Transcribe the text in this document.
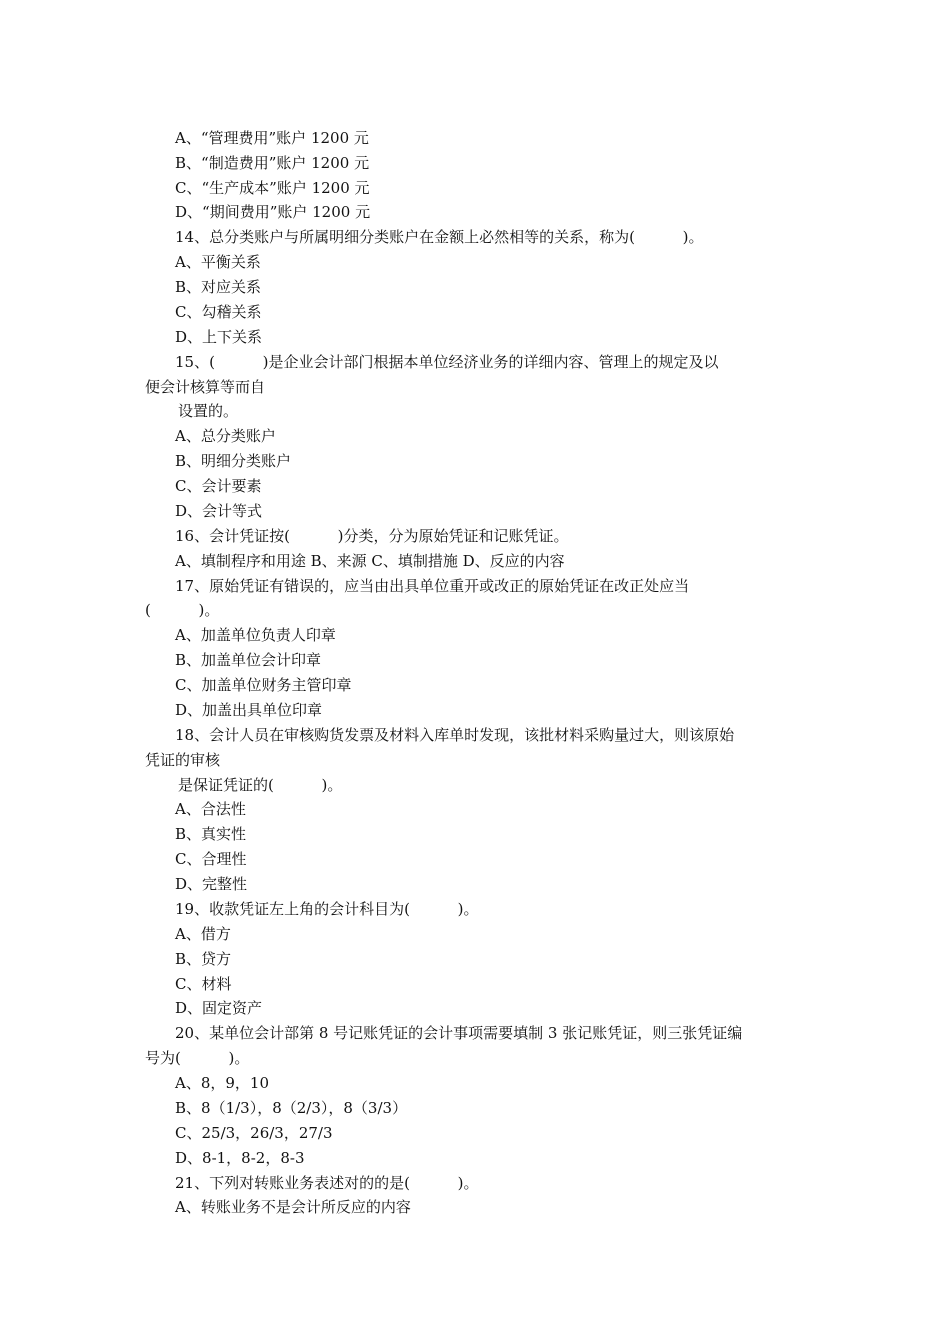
A、“管理费用”账户 1200 元
B、“制造费用”账户 1200 元
C、“生产成本”账户 1200 元
D、“期间费用”账户 1200 元
14、总分类账户与所属明细分类账户在金额上必然相等的关系，称为(          )。
A、平衡关系
B、对应关系
C、勾稽关系
D、上下关系
15、(          )是企业会计部门根据本单位经济业务的详细内容、管理上的规定及以
便会计核算等而自
设置的。
A、总分类账户
B、明细分类账户
C、会计要素
D、会计等式
16、会计凭证按(          )分类，分为原始凭证和记账凭证。
A、填制程序和用途 B、来源 C、填制措施 D、反应的内容
17、原始凭证有错误的，应当由出具单位重开或改正的原始凭证在改正处应当
(          )。
A、加盖单位负责人印章
B、加盖单位会计印章
C、加盖单位财务主管印章
D、加盖出具单位印章
18、会计人员在审核购货发票及材料入库单时发现，该批材料采购量过大，则该原始
凭证的审核
是保证凭证的(          )。
A、合法性
B、真实性
C、合理性
D、完整性
19、收款凭证左上角的会计科目为(          )。
A、借方
B、贷方
C、材料
D、固定资产
20、某单位会计部第 8 号记账凭证的会计事项需要填制 3 张记账凭证，则三张凭证编
号为(          )。
A、8，9，10
B、8（1/3），8（2/3），8（3/3）
C、25/3，26/3，27/3
D、8-1，8-2，8-3
21、下列对转账业务表述对的的是(          )。
A、转账业务不是会计所反应的内容
